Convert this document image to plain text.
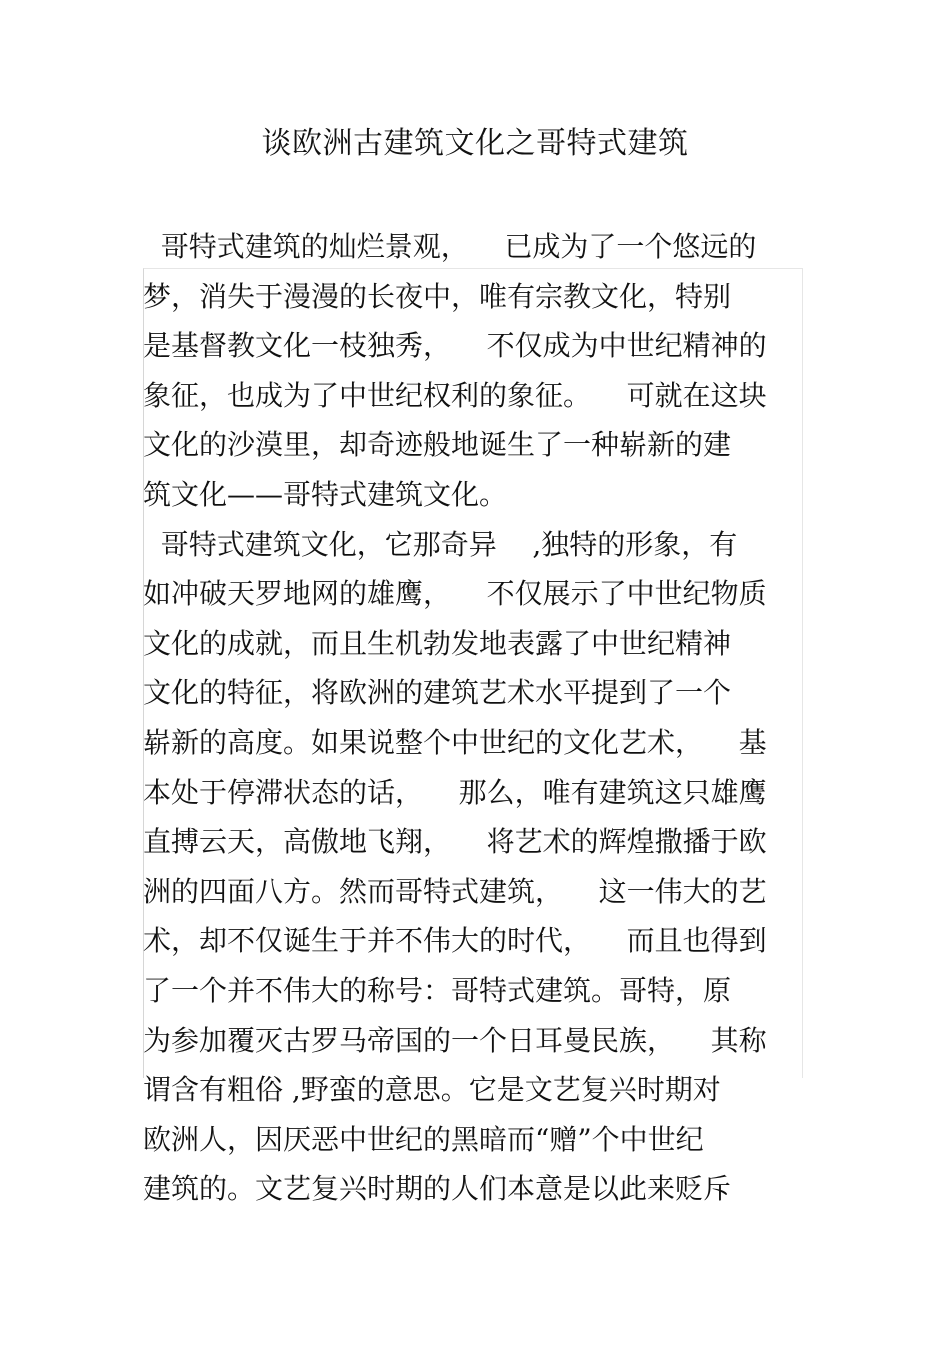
谈欧洲古建筑文化之哥特式建筑
哥特式建筑的灿烂景观，    已成为了一个悠远的
梦，消失于漫漫的长夜中，唯有宗教文化，特别
是基督教文化一枝独秀，    不仅成为中世纪精神的
象征，也成为了中世纪权利的象征。    可就在这块
文化的沙漠里，却奇迹般地诞生了一种崭新的建
筑文化——哥特式建筑文化。
哥特式建筑文化，它那奇异    ,独特的形象，有
如冲破天罗地网的雄鹰，    不仅展示了中世纪物质
文化的成就，而且生机勃发地表露了中世纪精神
文化的特征，将欧洲的建筑艺术水平提到了一个
崭新的高度。如果说整个中世纪的文化艺术，    基
本处于停滞状态的话，    那么，唯有建筑这只雄鹰
直搏云天，高傲地飞翔，    将艺术的辉煌撒播于欧
洲的四面八方。然而哥特式建筑，    这一伟大的艺
术，却不仅诞生于并不伟大的时代，    而且也得到
了一个并不伟大的称号：哥特式建筑。哥特，原
为参加覆灭古罗马帝国的一个日耳曼民族，    其称
谓含有粗俗 ,野蛮的意思。它是文艺复兴时期对
欧洲人，因厌恶中世纪的黑暗而“赠”个中世纪
建筑的。文艺复兴时期的人们本意是以此来贬斥
